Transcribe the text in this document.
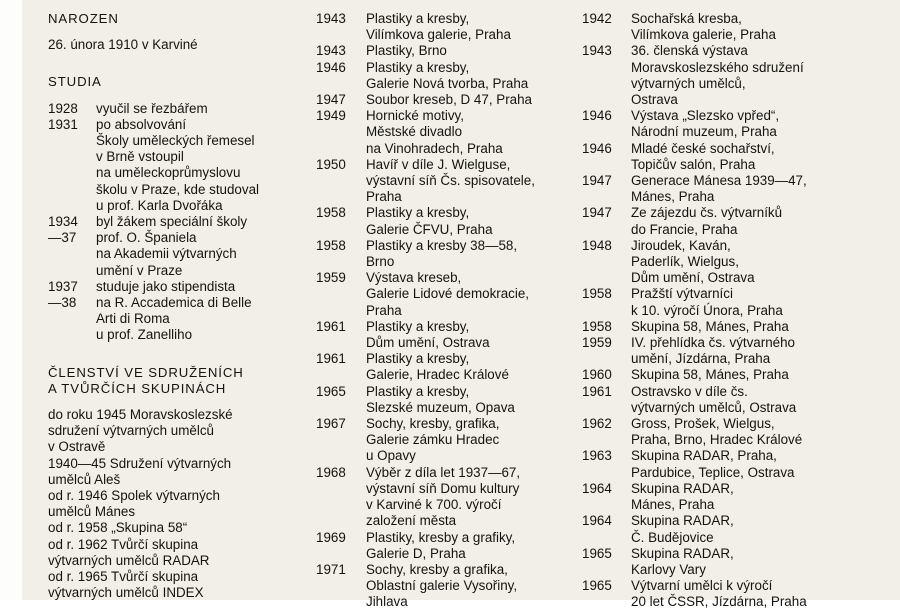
NAROZEN
26. února 1910 v Karviné
STUDIA
1928	vyučil se řezbářem
1931	po absolvování
Školy uměleckých řemesel
v Brně vstoupil
na uměleckoprůmyslovu
školu v Praze, kde studoval
u prof. Karla Dvořáka
1934	byl žákem speciální školy
—37	prof. O. Španiela
na Akademii výtvarných
umění v Praze
1937	studuje jako stipendista
—38	na R. Accademica di Belle
Arti di Roma
u prof. Zanelliho
ČLENSTVÍ VE SDRUŽENÍCH
A TVŮRČÍCH SKUPINÁCH
do roku 1945 Moravskoslezské
sdružení výtvarných umělců
v Ostravě
1940—45 Sdružení výtvarných
umělců Aleš
od r. 1946 Spolek výtvarných
umělců Mánes
od r. 1958 „Skupina 58“
od r. 1962 Tvůrčí skupina
výtvarných umělců RADAR
od r. 1965 Tvůrčí skupina
výtvarných umělců INDEX
1943	Plastiky a kresby,
Vilímkova galerie, Praha
1943	Plastiky, Brno
1946	Plastiky a kresby,
Galerie Nová tvorba, Praha
1947	Soubor kreseb, D 47, Praha
1949	Hornické motivy,
Městské divadlo
na Vinohradech, Praha
1950	Havíř v díle J. Wielguse,
výstavní síň Čs. spisovatele,
Praha
1958	Plastiky a kresby,
Galerie ČFVU, Praha
1958	Plastiky a kresby 38—58,
Brno
1959	Výstava kreseb,
Galerie Lidové demokracie,
Praha
1961	Plastiky a kresby,
Dům umění, Ostrava
1961	Plastiky a kresby,
Galerie, Hradec Králové
1965	Plastiky a kresby,
Slezské muzeum, Opava
1967	Sochy, kresby, grafika,
Galerie zámku Hradec
u Opavy
1968	Výběr z díla let 1937—67,
výstavní síň Domu kultury
v Karviné k 700. výročí
založení města
1969	Plastiky, kresby a grafiky,
Galerie D, Praha
1971	Sochy, kresby a grafika,
Oblastní galerie Vysořiny,
Jihlava
1942	Sochařská kresba,
Vilímkova galerie, Praha
1943	36. členská výstava
Moravskoslezského sdružení
výtvarných umělců,
Ostrava
1946	Výstava „Slezsko vpřed“,
Národní muzeum, Praha
1946	Mladé české sochařství,
Topičův salón, Praha
1947	Generace Mánesa 1939—47,
Mánes, Praha
1947	Ze zájezdu čs. výtvarníků
do Francie, Praha
1948	Jiroudek, Kaván,
Paderlík, Wielgus,
Dům umění, Ostrava
1958	Pražští výtvarníci
k 10. výročí Února, Praha
1958	Skupina 58, Mánes, Praha
1959	IV. přehlídka čs. výtvarného
umění, Jízdárna, Praha
1960	Skupina 58, Mánes, Praha
1961	Ostravsko v díle čs.
výtvarných umělců, Ostrava
1962	Gross, Prošek, Wielgus,
Praha, Brno, Hradec Králové
1963	Skupina RADAR, Praha,
Pardubice, Teplice, Ostrava
1964	Skupina RADAR,
Mánes, Praha
1964	Skupina RADAR,
Č. Budějovice
1965	Skupina RADAR,
Karlovy Vary
1965	Výtvarní umělci k výročí
20 let ČSSR, Jízdárna, Praha
